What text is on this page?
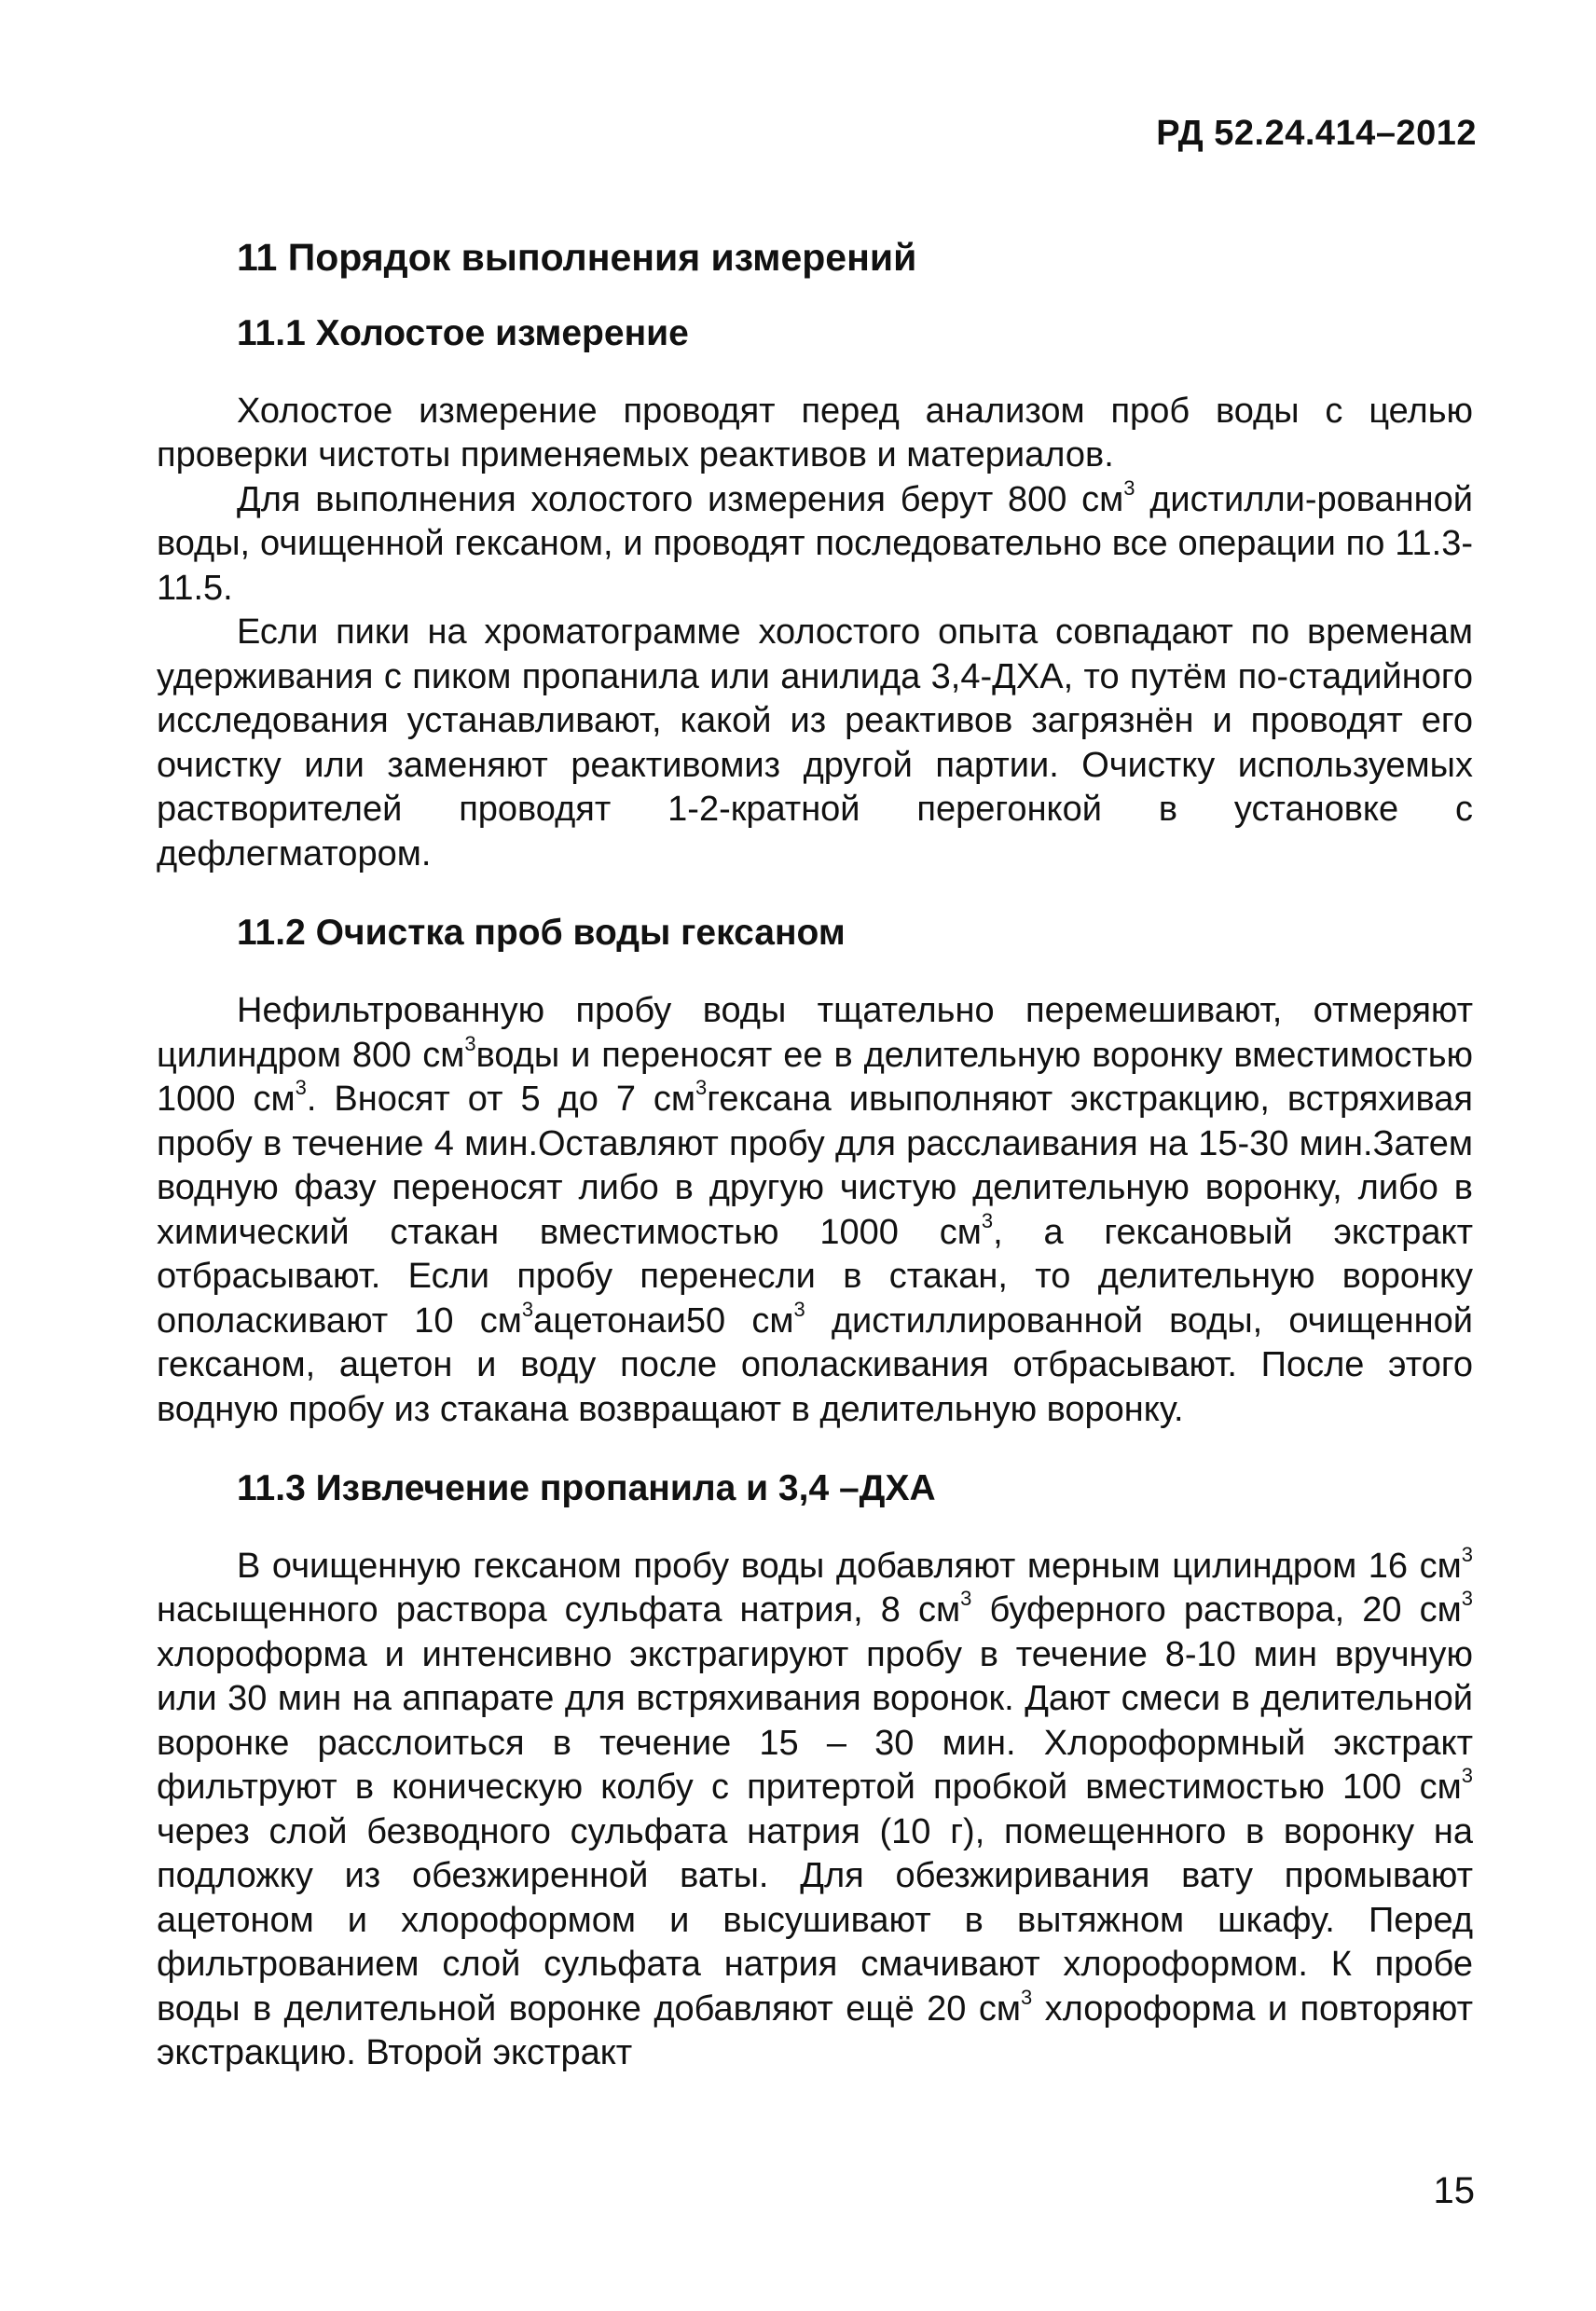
РД 52.24.414–2012
11 Порядок выполнения измерений
11.1 Холостое измерение

Холостое измерение проводят перед анализом проб воды с целью проверки чистоты применяемых реактивов и материалов.

Для выполнения холостого измерения берут 800 $см^3$ дистилли-рованной воды, очищенной гексаном, и проводят последовательно все операции по 11.3-11.5.

Если пики на хроматограмме холостого опыта совпадают по временам удерживания с пиком пропанила или анилида 3,4-ДХА, то путём по-стадийного исследования устанавливают, какой из реактивов загрязнён и проводят его очистку или заменяют реактивомиз другой партии. Очистку используемых растворителей проводят 1-2-кратной перегонкой в установке с дефлегматором.

11.2 Очистка проб воды гексаном

Нефильтрованную пробу воды тщательно перемешивают, отмеряют цилиндром 800 $см^3воды$ и переносят ее в делительную воронку вместимостью 1000 $см^3$. Вносят от 5 до 7 $см^3гексана$ ивыполняют экстракцию, встряхивая пробу в течение 4 мин.Оставляют пробу для расслаивания на 15-30 мин.Затем водную фазу переносят либо в другую чистую делительную воронку, либо в химический стакан вместимостью 1000 $см^3$, а гексановый экстракт отбрасывают. Если пробу перенесли в стакан, то делительную воронку ополаскивают 10 $см^3ацетонаи50$ $см^3$ дистиллированной воды, очищенной гексаном, ацетон и воду после ополаскивания отбрасывают. После этого водную пробу из стакана возвращают в делительную воронку.

11.3 Извлечение пропанила и 3,4 –ДХА

В очищенную гексаном пробу воды добавляют мерным цилиндром 16 $см^3$ насыщенного раствора сульфата натрия, 8 $см^3$ буферного раствора, 20 $см^3$ хлороформа и интенсивно экстрагируют пробу в течение 8-10 мин вручную или 30 мин на аппарате для встряхивания воронок. Дают смеси в делительной воронке расслоиться в течение 15 – 30 мин. Хлороформный экстракт фильтруют в коническую колбу с притертой пробкой вместимостью 100 $см^3$ через слой безводного сульфата натрия (10 г), помещенного в воронку на подложку из обезжиренной ваты. Для обезжиривания вату промывают ацетоном и хлороформом и высушивают в вытяжном шкафу. Перед фильтрованием слой сульфата натрия смачивают хлороформом. К пробе воды в делительной воронке добавляют ещё 20 $см^3$ хлороформа и повторяют экстракцию. Второй экстракт

15
